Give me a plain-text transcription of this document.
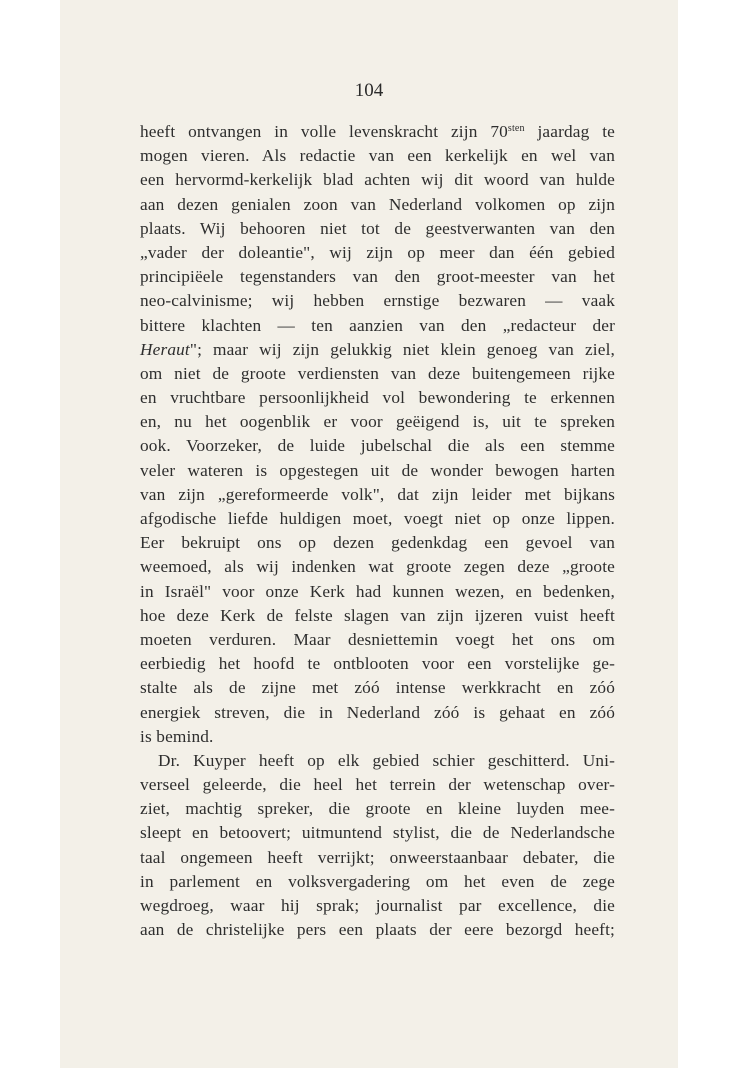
104
heeft ontvangen in volle levenskracht zijn $70^{sten}$ jaardag te
mogen vieren. Als redactie van een kerkelijk en wel van
een hervormd-kerkelijk blad achten wij dit woord van hulde
aan dezen genialen zoon van Nederland volkomen op zijn
plaats. Wij behooren niet tot de geestverwanten van den
„vader der doleantie", wij zijn op meer dan één gebied
principiëele tegenstanders van den groot-meester van het
neo-calvinisme; wij hebben ernstige bezwaren — vaak
bittere klachten — ten aanzien van den „redacteur der
Heraut"; maar wij zijn gelukkig niet klein genoeg van ziel,
om niet de groote verdiensten van deze buitengemeen rijke
en vruchtbare persoonlijkheid vol bewondering te erkennen
en, nu het oogenblik er voor geëigend is, uit te spreken
ook. Voorzeker, de luide jubelschal die als een stemme
veler wateren is opgestegen uit de wonder bewogen harten
van zijn „gereformeerde volk", dat zijn leider met bijkans
afgodische liefde huldigen moet, voegt niet op onze lippen.
Eer bekruipt ons op dezen gedenkdag een gevoel van
weemoed, als wij indenken wat groote zegen deze „groote
in Israël" voor onze Kerk had kunnen wezen, en bedenken,
hoe deze Kerk de felste slagen van zijn ijzeren vuist heeft
moeten verduren. Maar desniettemin voegt het ons om
eerbiedig het hoofd te ontblooten voor een vorstelijke ge-
stalte als de zijne met zóó intense werkkracht en zóó
energiek streven, die in Nederland zóó is gehaat en zóó
is bemind.
Dr. Kuyper heeft op elk gebied schier geschitterd. Uni-
verseel geleerde, die heel het terrein der wetenschap over-
ziet, machtig spreker, die groote en kleine luyden mee-
sleept en betoovert; uitmuntend stylist, die de Nederlandsche
taal ongemeen heeft verrijkt; onweerstaanbaar debater, die
in parlement en volksvergadering om het even de zege
wegdroeg, waar hij sprak; journalist par excellence, die
aan de christelijke pers een plaats der eere bezorgd heeft;
